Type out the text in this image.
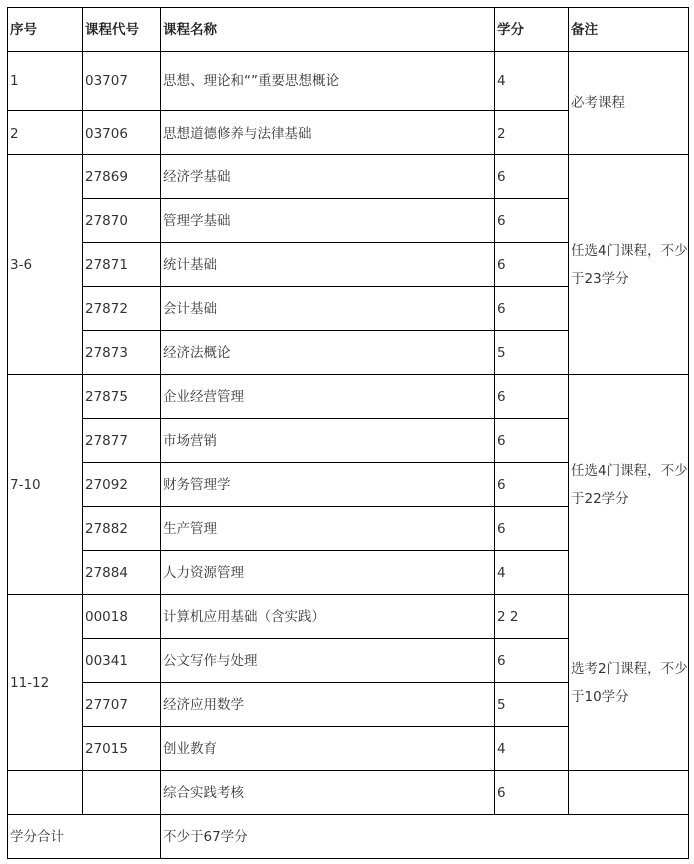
序号	课程代号	课程名称	学分	备注
1	03707	思想、理论和“”重要思想概论	4	必考课程
2	03706	思想道德修养与法律基础	2	
3-6	27869	经济学基础	6	任选4门课程，不少于23学分
	27870	管理学基础	6	
	27871	统计基础	6	
	27872	会计基础	6	
	27873	经济法概论	5	
7-10	27875	企业经营管理	6	任选4门课程，不少于22学分
	27877	市场营销	6	
	27092	财务管理学	6	
	27882	生产管理	6	
	27884	人力资源管理	4	
11-12	00018	计算机应用基础（含实践）	2 2	选考2门课程，不少于10学分
	00341	公文写作与处理	6	
	27707	经济应用数学	5	
	27015	创业教育	4	
		综合实践考核	6	
学分合计		不少于67学分		
